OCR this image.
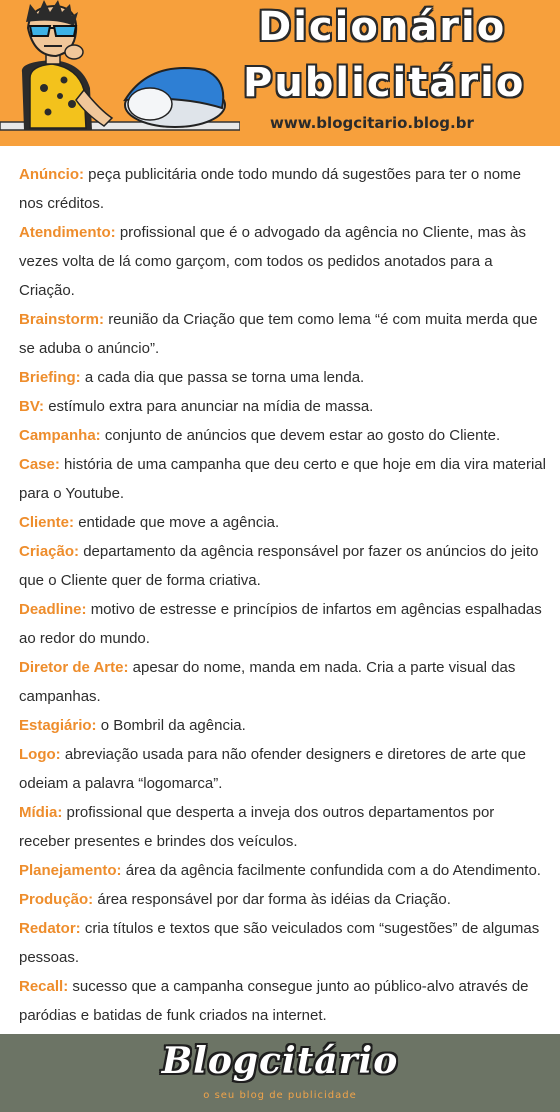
Dicionário
Publicitário
www.blogcitario.blog.br
Anúncio: peça publicitária onde todo mundo dá sugestões para ter o nome nos créditos.
Atendimento: profissional que é o advogado da agência no Cliente, mas às vezes volta de lá como garçom, com todos os pedidos anotados para a Criação.
Brainstorm: reunião da Criação que tem como lema “é com muita merda que se aduba o anúncio”.
Briefing: a cada dia que passa se torna uma lenda.
BV: estímulo extra para anunciar na mídia de massa.
Campanha: conjunto de anúncios que devem estar ao gosto do Cliente.
Case: história de uma campanha que deu certo e que hoje em dia vira material para o Youtube.
Cliente: entidade que move a agência.
Criação: departamento da agência responsável por fazer os anúncios do jeito que o Cliente quer de forma criativa.
Deadline: motivo de estresse e princípios de infartos em agências espalhadas ao redor do mundo.
Diretor de Arte: apesar do nome, manda em nada. Cria a parte visual das campanhas.
Estagiário: o Bombril da agência.
Logo: abreviação usada para não ofender designers e diretores de arte que odeiam a palavra “logomarca”.
Mídia: profissional que desperta a inveja dos outros departamentos por receber presentes e brindes dos veículos.
Planejamento: área da agência facilmente confundida com a do Atendimento.
Produção: área responsável por dar forma às idéias da Criação.
Redator: cria títulos e textos que são veiculados com “sugestões” de algumas pessoas.
Recall: sucesso que a campanha consegue junto ao público-alvo através de paródias e batidas de funk criados na internet.
Blogcitário
o seu blog de publicidade
